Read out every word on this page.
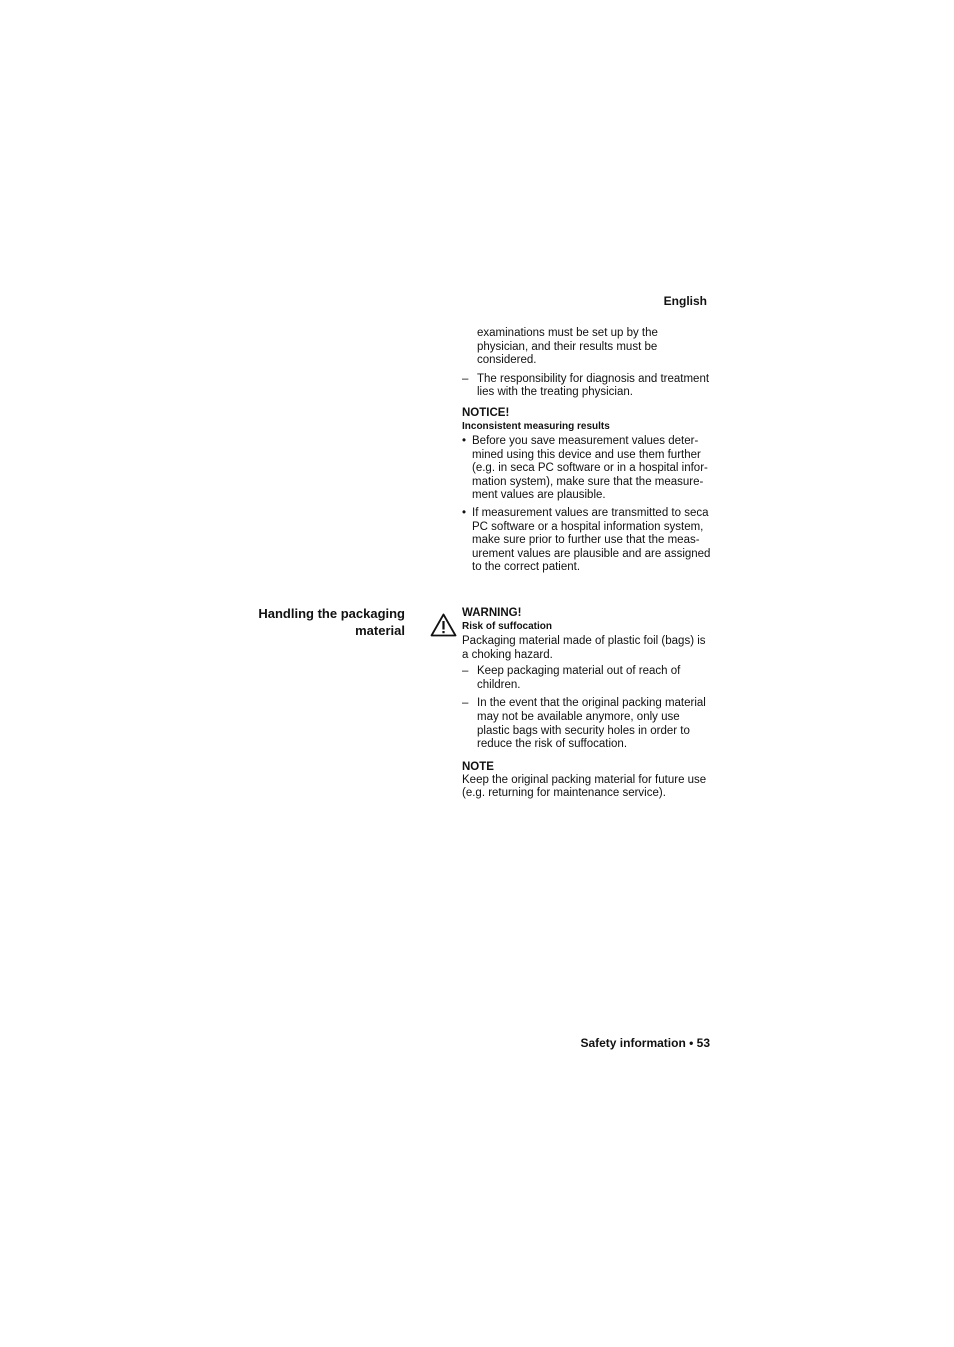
English

examinations must be set up by the physician, and their results must be considered.

– The responsibility for diagnosis and treatment lies with the treating physician.

NOTICE!

Inconsistent measuring results

• Before you save measurement values deter-mined using this device and use them further (e.g. in seca PC software or in a hospital infor-mation system), make sure that the measure-ment values are plausible.

• If measurement values are transmitted to seca PC software or a hospital information system, make sure prior to further use that the meas-urement values are plausible and are assigned to the correct patient.

Handling the packaging
material

WARNING!

Risk of suffocation

Packaging material made of plastic foil (bags) is a choking hazard.

– Keep packaging material out of reach of children.

– In the event that the original packing material may not be available anymore, only use plastic bags with security holes in order to reduce the risk of suffocation.

NOTE

Keep the original packing material for future use (e.g. returning for maintenance service).

Safety information • 53
